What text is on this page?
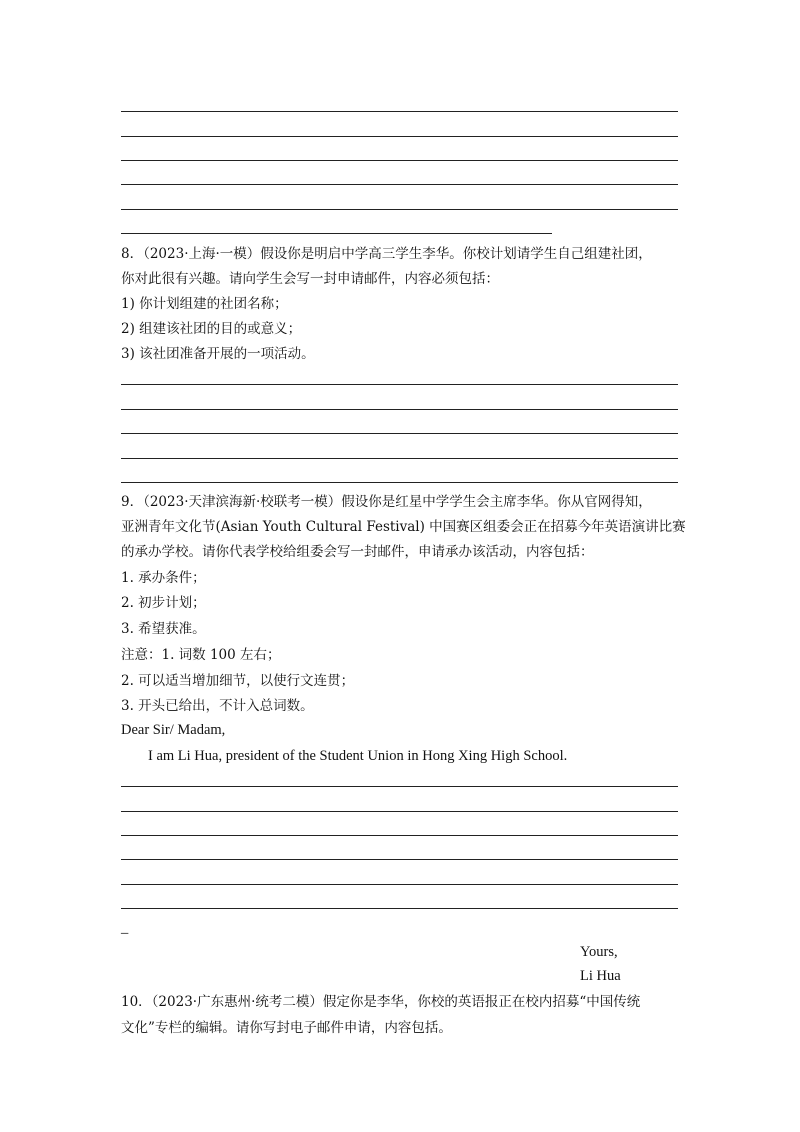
8．（2023·上海·一模）假设你是明启中学高三学生李华。你校计划请学生自己组建社团，
你对此很有兴趣。请向学生会写一封申请邮件，内容必须包括：
1) 你计划组建的社团名称；
2) 组建该社团的目的或意义；
3) 该社团准备开展的一项活动。
9．（2023·天津滨海新·校联考一模）假设你是红星中学学生会主席李华。你从官网得知，
亚洲青年文化节(Asian Youth Cultural Festival) 中国赛区组委会正在招募今年英语演讲比赛
的承办学校。请你代表学校给组委会写一封邮件，申请承办该活动，内容包括：
1. 承办条件；
2. 初步计划；
3. 希望获准。
注意：1. 词数 100 左右；
2. 可以适当增加细节，以使行文连贯；
3. 开头已给出，不计入总词数。
Dear Sir/ Madam,
I am Li Hua, president of the Student Union in Hong Xing High School.
_
Yours,
Li Hua
10．（2023·广东惠州·统考二模）假定你是李华，你校的英语报正在校内招募“中国传统
文化”专栏的编辑。请你写封电子邮件申请，内容包括。
